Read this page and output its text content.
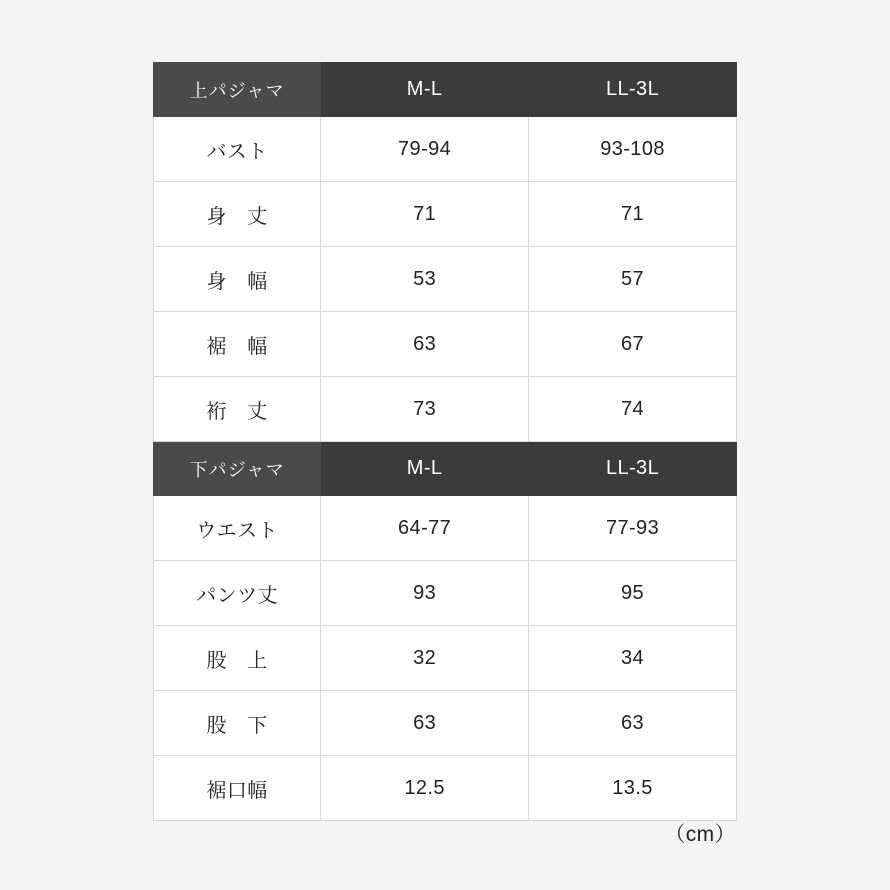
上パジャマ	M-L	LL-3L
バスト	79-94	93-108
身　丈	71	71
身　幅	53	57
裾　幅	63	67
裄　丈	73	74
下パジャマ	M-L	LL-3L
ウエスト	64-77	77-93
パンツ丈	93	95
股　上	32	34
股　下	63	63
裾口幅	12.5	13.5
（cm）
